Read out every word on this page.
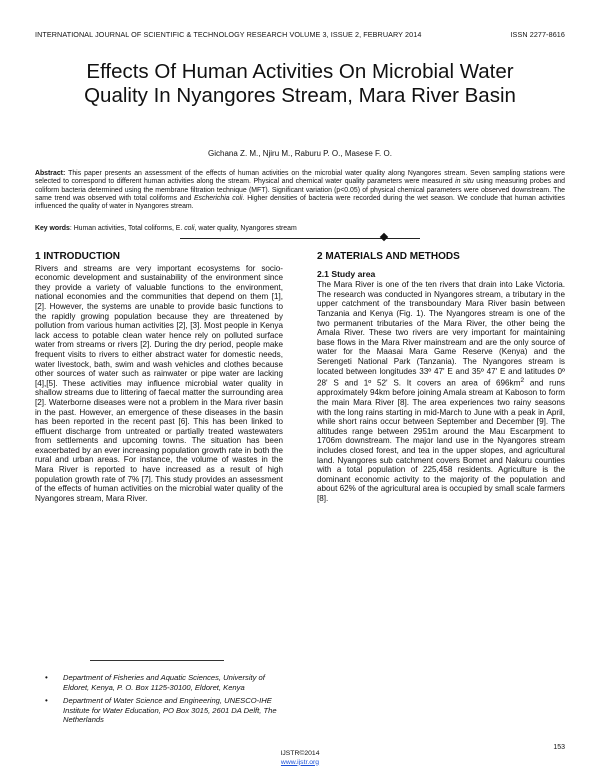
INTERNATIONAL JOURNAL OF SCIENTIFIC & TECHNOLOGY RESEARCH VOLUME 3, ISSUE 2, FEBRUARY 2014	ISSN 2277-8616
Effects Of Human Activities On Microbial Water Quality In Nyangores Stream, Mara River Basin
Gichana Z. M., Njiru M., Raburu P. O., Masese F. O.
Abstract: This paper presents an assessment of the effects of human activities on the microbial water quality along Nyangores stream. Seven sampling stations were selected to correspond to different human activities along the stream. Physical and chemical water quality parameters were measured in situ using measuring probes and coliform bacteria determined using the membrane filtration technique (MFT). Significant variation (p<0.05) of physical chemical parameters were observed downstream. The same trend was observed with total coliforms and Escherichia coli. Higher densities of bacteria were recorded during the wet season. We conclude that human activities influenced the quality of water in Nyangores stream.
Key words: Human activities, Total coliforms, E. coli, water quality, Nyangores stream
1 INTRODUCTION

Rivers and streams are very important ecosystems for socio-economic development and sustainability of the environment since they provide a variety of valuable functions to the environment, national economies and the communities that depend on them [1], [2]. However, the systems are unable to provide basic functions to the rapidly growing population because they are threatened by pollution from various human activities [2], [3]. Most people in Kenya lack access to potable clean water hence rely on polluted surface water from streams or rivers [2]. During the dry period, people make frequent visits to rivers to either abstract water for domestic needs, water livestock, bath, swim and wash vehicles and clothes because other sources of water such as rainwater or pipe water are lacking [4],[5]. These activities may influence microbial water quality in shallow streams due to littering of faecal matter the surrounding area [2]. Waterborne diseases were not a problem in the Mara river basin in the past. However, an emergence of these diseases in the basin has been reported in the recent past [6]. This has been linked to effluent discharge from untreated or partially treated wastewaters from settlements and upcoming towns. The situation has been exacerbated by an ever increasing population growth rate in both the rural and urban areas. For instance, the volume of wastes in the Mara River is reported to have increased as a result of high population growth rate of 7% [7]. This study provides an assessment of the effects of human activities on the microbial water quality of the Nyangores stream, Mara River.

2 MATERIALS AND METHODS
2.1 Study area

The Mara River is one of the ten rivers that drain into Lake Victoria. The research was conducted in Nyangores stream, a tributary in the upper catchment of the transboundary Mara River basin between Tanzania and Kenya (Fig. 1). The Nyangores stream is one of the two permanent tributaries of the Mara River, the other being the Amala River. These two rivers are very important for maintaining base flows in the Mara River mainstream and are the only source of water for the Maasai Mara Game Reserve (Kenya) and the Serengeti National Park (Tanzania). The Nyangores stream is located between longitudes 33º 47' E and 35º 47' E and latitudes 0º 28' S and 1º 52' S. It covers an area of $696km^2$ and runs approximately 94km before joining Amala stream at Kaboson to form the main Mara River [8]. The area experiences two rainy seasons with the long rains starting in mid-March to June with a peak in April, while short rains occur between September and December [9]. The altitudes range between 2951m around the Mau Escarpment to 1706m downstream. The major land use in the Nyangores stream includes closed forest, and tea in the upper slopes, and agricultural land. Nyangores sub catchment covers Bomet and Nakuru counties with a total population of 225,458 residents. Agriculture is the dominant economic activity to the majority of the population and about 62% of the agricultural area is occupied by small scale farmers [8].

•	Department of Fisheries and Aquatic Sciences, University of Eldoret, Kenya, P. O. Box 1125-30100, Eldoret, Kenya
•	Department of Water Science and Engineering, UNESCO-IHE Institute for Water Education, PO Box 3015, 2601 DA Delft, The Netherlands
153
IJSTR©2014
www.ijstr.org
